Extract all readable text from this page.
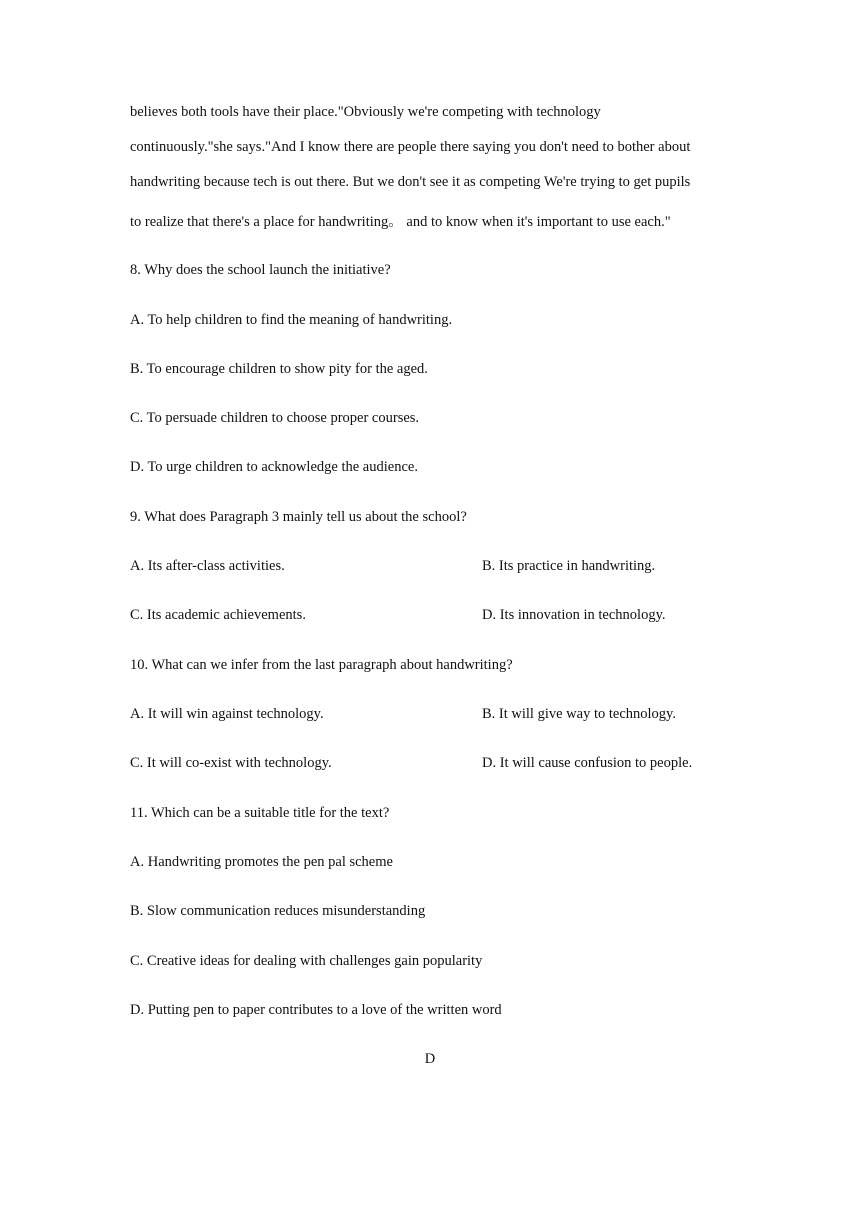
believes both tools have their place."Obviously we're competing with technology
continuously."she says."And I know there are people there saying you don't need to bother about
handwriting because tech is out there. But we don't see it as competing We're trying to get pupils
to realize that there's a place for handwriting。 and to know when it's important to use each."
8. Why does the school launch the initiative?
A. To help children to find the meaning of handwriting.
B. To encourage children to show pity for the aged.
C. To persuade children to choose proper courses.
D. To urge children to acknowledge the audience.
9. What does Paragraph 3 mainly tell us about the school?
A. Its after-class activities.	B. Its practice in handwriting.
C. Its academic achievements.	D. Its innovation in technology.
10. What can we infer from the last paragraph about handwriting?
A. It will win against technology.	B. It will give way to technology.
C. It will co-exist with technology.	D. It will cause confusion to people.
11. Which can be a suitable title for the text?
A. Handwriting promotes the pen pal scheme
B. Slow communication reduces misunderstanding
C. Creative ideas for dealing with challenges gain popularity
D. Putting pen to paper contributes to a love of the written word
D
